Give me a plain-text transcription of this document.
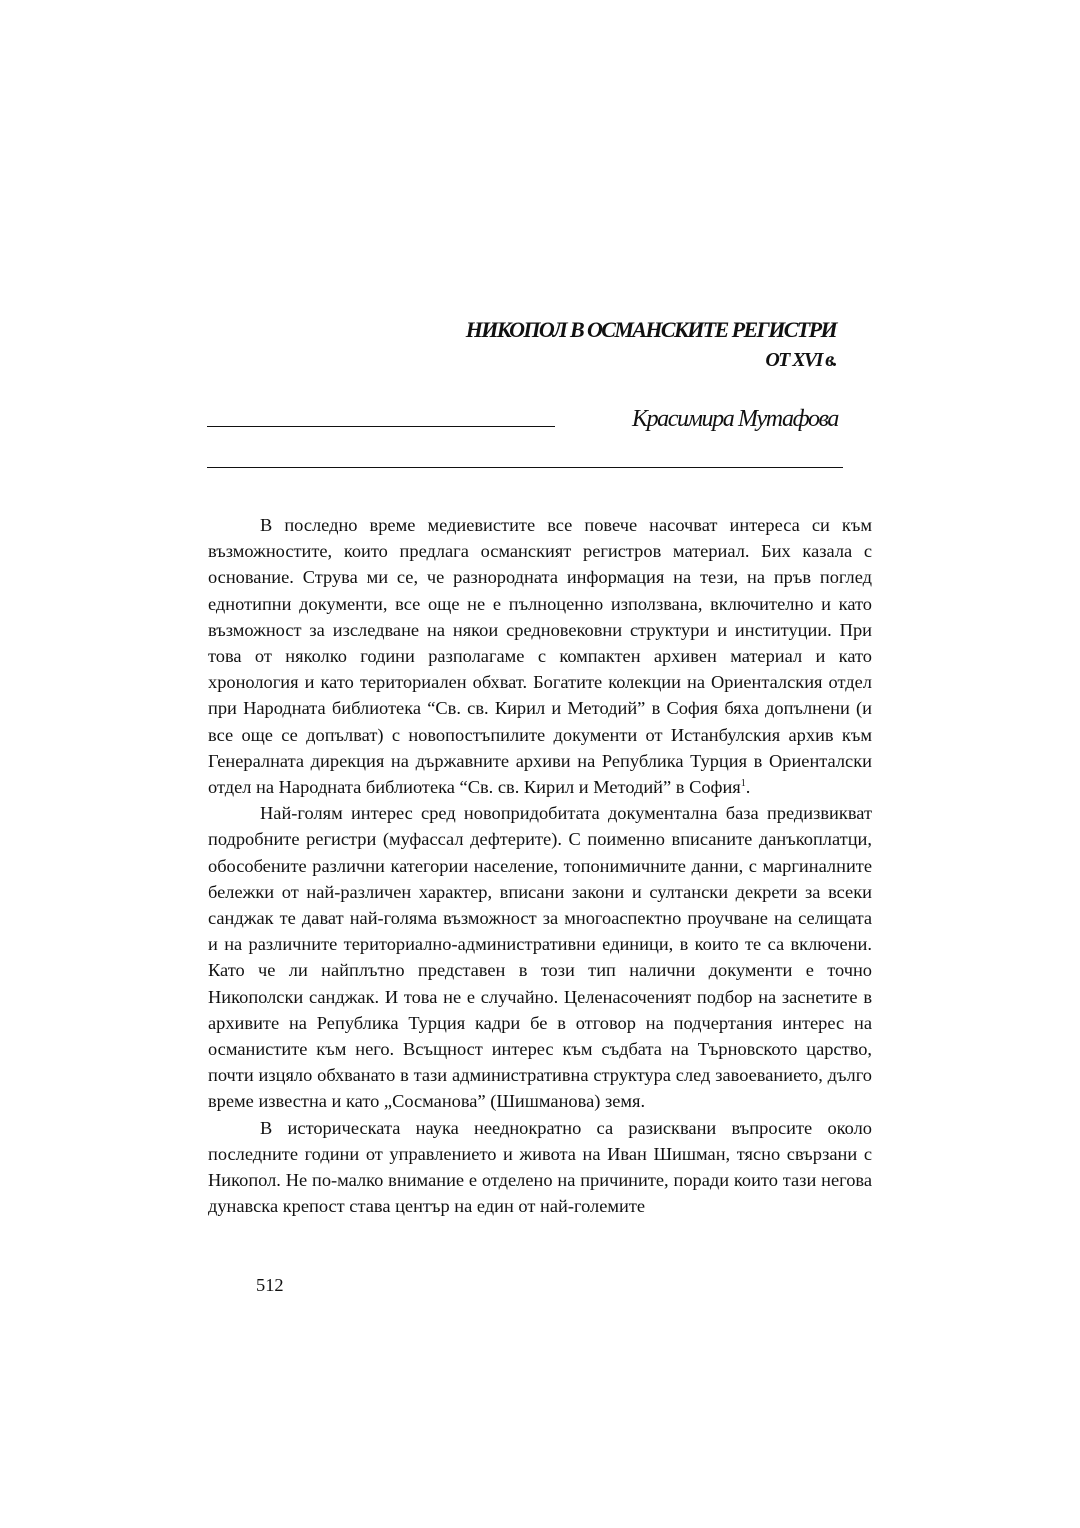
НИКОПОЛ В ОСМАНСКИТЕ РЕГИСТРИ
ОТ XVI в.
Красимира Мутафова

В последно време медиевистите все повече насочват интереса си към възможностите, които предлага османският регистров материал. Бих казала с основание. Струва ми се, че разнородната информация на тези, на пръв поглед еднотипни документи, все още не е пълноценно използвана, включително и като възможност за изследване на някои средновековни структури и институции. При това от няколко години разполагаме с компактен архивен материал и като хронология и като териториален обхват. Богатите колекции на Ориенталския отдел при Народната библиотека “Св. св. Кирил и Методий” в София бяха допълнени (и все още се допълват) с новопостъпилите документи от Истанбулския архив към Генералната дирекция на държавните архиви на Република Турция в Ориенталски отдел на Народната библиотека “Св. св. Кирил и Методий” в София$^1$.

Най-голям интерес сред новопридобитата документална база предизвикват подробните регистри (муфассал дефтерите). С поименно вписаните данъкоплатци, обособените различни категории население, топонимичните данни, с маргиналните бележки от най-различен характер, вписани закони и султански декрети за всеки санджак те дават най-голяма възможност за многоаспектно проучване на селищата и на различните териториално-административни единици, в които те са включени. Като че ли найплътно представен в този тип налични документи е точно Никополски санджак. И това не е случайно. Целенасоченият подбор на заснетите в архивите на Република Турция кадри бе в отговор на подчертания интерес на османистите към него. Всъщност интерес към съдбата на Търновското царство, почти изцяло обхванато в тази административна структура след завоеванието, дълго време известна и като „Сосманова” (Шишманова) земя.

В историческата наука нееднократно са разисквани въпросите около последните години от управлението и живота на Иван Шишман, тясно свързани с Никопол. Не по-малко внимание е отделено на причините, поради които тази негова дунавска крепост става център на един от най-големите

512
